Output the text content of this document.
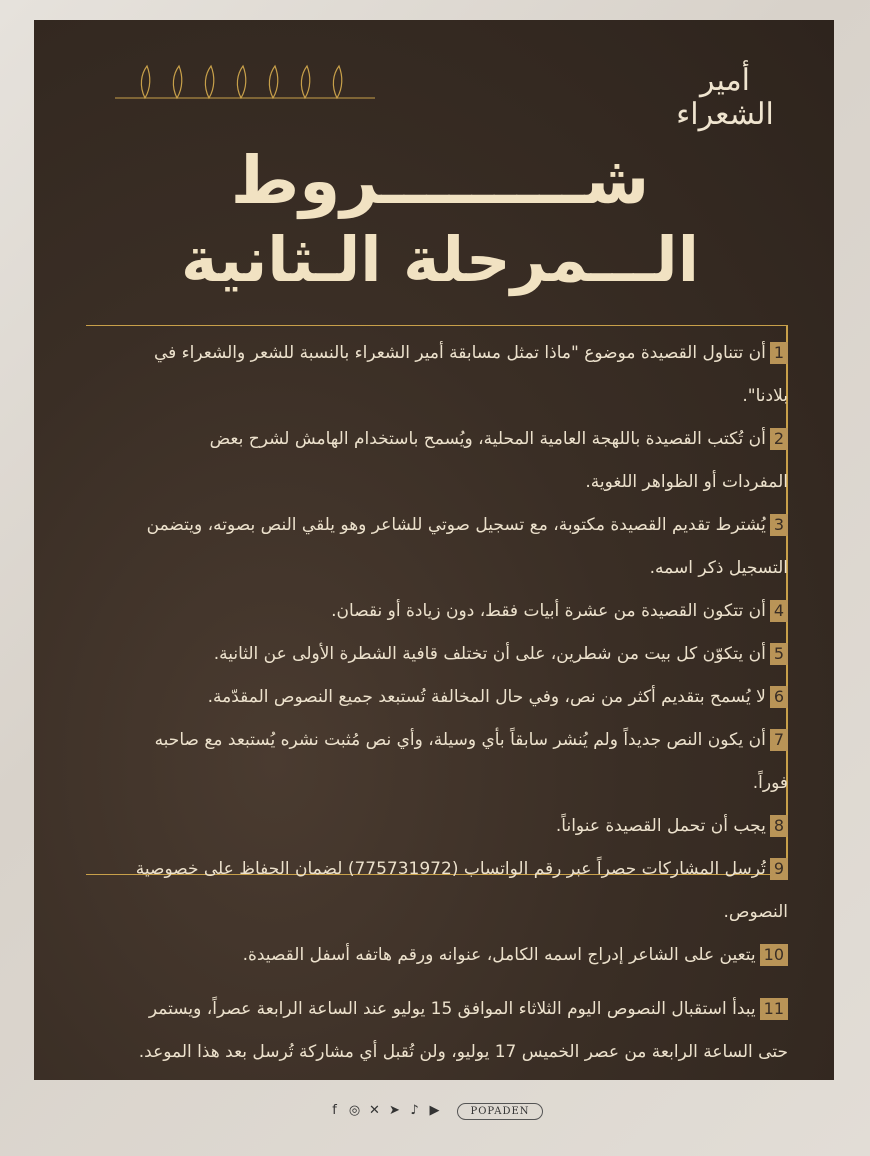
أمير الشعراء
شـــــــــروط
الـــمرحلة الـثانية
1أن تتناول القصيدة موضوع "ماذا تمثل مسابقة أمير الشعراء بالنسبة للشعر والشعراء في
بلادنا".
2أن تُكتب القصيدة باللهجة العامية المحلية، ويُسمح باستخدام الهامش لشرح بعض
المفردات أو الظواهر اللغوية.
3يُشترط تقديم القصيدة مكتوبة، مع تسجيل صوتي للشاعر وهو يلقي النص بصوته، ويتضمن
التسجيل ذكر اسمه.
4أن تتكون القصيدة من عشرة أبيات فقط، دون زيادة أو نقصان.
5أن يتكوّن كل بيت من شطرين، على أن تختلف قافية الشطرة الأولى عن الثانية.
6لا يُسمح بتقديم أكثر من نص، وفي حال المخالفة تُستبعد جميع النصوص المقدّمة.
7أن يكون النص جديداً ولم يُنشر سابقاً بأي وسيلة، وأي نص مُثبت نشره يُستبعد مع صاحبه
فوراً.
8يجب أن تحمل القصيدة عنواناً.
9تُرسل المشاركات حصراً عبر رقم الواتساب (775731972) لضمان الحفاظ على خصوصية
النصوص.
10يتعين على الشاعر إدراج اسمه الكامل، عنوانه ورقم هاتفه أسفل القصيدة.
11يبدأ استقبال النصوص اليوم الثلاثاء الموافق 15 يوليو عند الساعة الرابعة عصراً، ويستمر
حتى الساعة الرابعة من عصر الخميس 17 يوليو، ولن تُقبل أي مشاركة تُرسل بعد هذا الموعد.
f ◎ ✕ ➤ ♪ ▶	POPADEN
